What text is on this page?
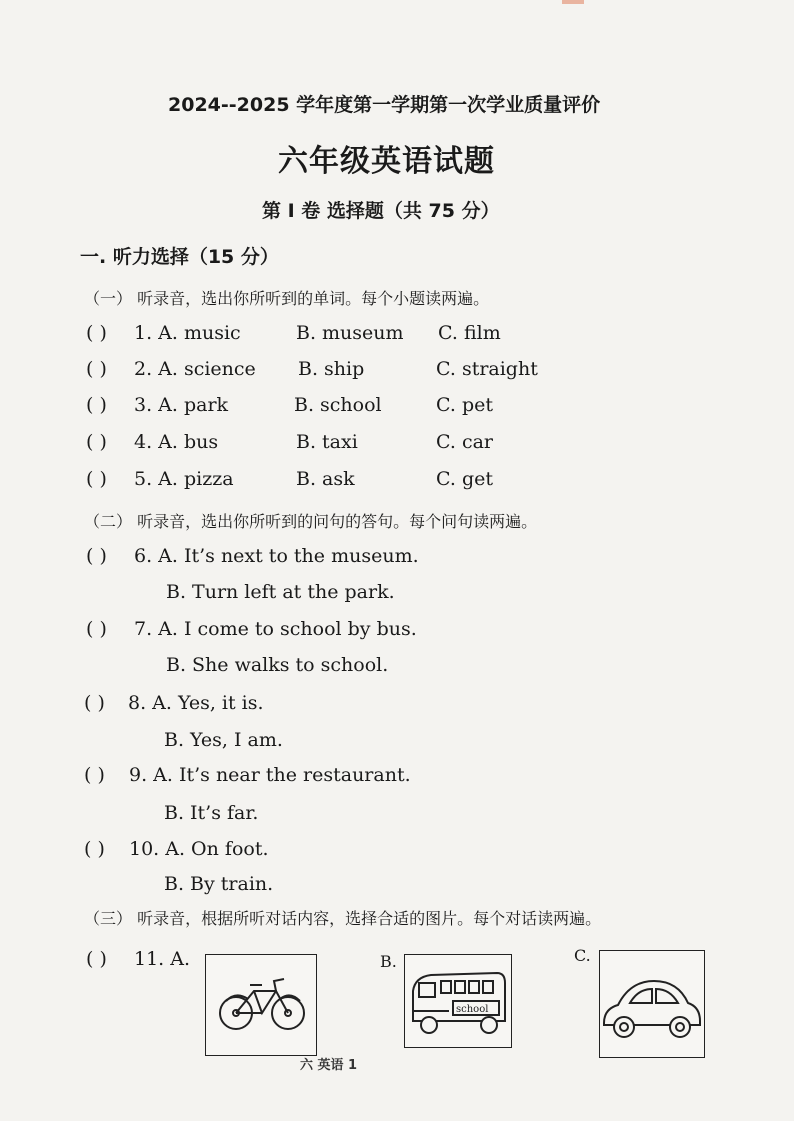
2024--2025 学年度第一学期第一次学业质量评价
六年级英语试题
第 I 卷 选择题（共 75 分）
一. 听力选择（15 分）
（一） 听录音，选出你所听到的单词。每个小题读两遍。
( ) 1. A. music	B. museum C. film
( ) 2. A. science B. ship	C. straight
( ) 3. A. park	B. school	C. pet
( ) 4. A. bus	B. taxi	C. car
( ) 5. A. pizza	B. ask	C. get
（二） 听录音，选出你所听到的问句的答句。每个问句读两遍。
( ) 6. A. It’s next to the museum.
B. Turn left at the park.
( ) 7. A. I come to school by bus.
B. She walks to school.
( ) 8. A. Yes, it is.
B. Yes, I am.
( ) 9. A. It’s near the restaurant.
B. It’s far.
( ) 10. A. On foot.
B. By train.
（三） 听录音，根据所听对话内容，选择合适的图片。每个对话读两遍。
( ) 11. A.	B.
school
C.
六 英语 1
